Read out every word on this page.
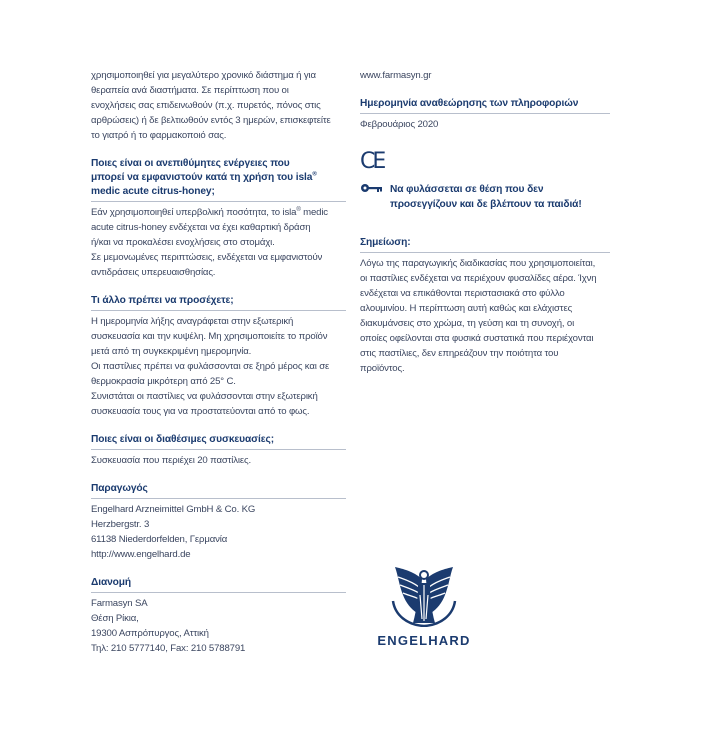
χρησιμοποιηθεί για μεγαλύτερο χρονικό διάστημα ή για

θεραπεία ανά διαστήματα. Σε περίπτωση που οι

ενοχλήσεις σας επιδεινωθούν (π.χ. πυρετός, πόνος στις

αρθρώσεις) ή δε βελτιωθούν εντός 3 ημερών, επισκεφτείτε

το γιατρό ή το φαρμακοποιό σας.

Ποιες είναι οι ανεπιθύμητες ενέργειες που
μπορεί να εμφανιστούν κατά τη χρήση του isla®
medic acute citrus-honey;

Εάν χρησιμοποιηθεί υπερβολική ποσότητα, το isla® medic

acute citrus-honey ενδέχεται να έχει καθαρτική δράση

ή/και να προκαλέσει ενοχλήσεις στο στομάχι.

Σε μεμονωμένες περιπτώσεις, ενδέχεται να εμφανιστούν

αντιδράσεις υπερευαισθησίας.

Τι άλλο πρέπει να προσέχετε;

Η ημερομηνία λήξης αναγράφεται στην εξωτερική

συσκευασία και την κυψέλη. Μη χρησιμοποιείτε το προϊόν

μετά από τη συγκεκριμένη ημερομηνία.

Οι παστίλιες πρέπει να φυλάσσονται σε ξηρό μέρος και σε

θερμοκρασία μικρότερη από 25° C.

Συνιστάται οι παστίλιες να φυλάσσονται στην εξωτερική

συσκευασία τους για να προστατεύονται από το φως.

Ποιες είναι οι διαθέσιμες συσκευασίες;

Συσκευασία που περιέχει 20 παστίλιες.

Παραγωγός

Engelhard Arzneimittel GmbH & Co. KG

Herzbergstr. 3

61138 Niederdorfelden, Γερμανία

http://www.engelhard.de

Διανομή

Farmasyn SA

Θέση Ρίκια,

19300 Ασπρόπυργος, Αττική

Τηλ: 210 5777140, Fax: 210 5788791

www.farmasyn.gr

Ημερομηνία αναθεώρησης των πληροφοριών

Φεβρουάριος 2020

CE
Να φυλάσσεται σε θέση που δεν
προσεγγίζουν και δε βλέπουν τα παιδιά!
Σημείωση:

Λόγω της παραγωγικής διαδικασίας που χρησιμοποιείται,

οι παστίλιες ενδέχεται να περιέχουν φυσαλίδες αέρα. Ίχνη

ενδέχεται να επικάθονται περιστασιακά στο φύλλο

αλουμινίου. Η περίπτωση αυτή καθώς και ελάχιστες

διακυμάνσεις στο χρώμα, τη γεύση και τη συνοχή, οι

οποίες οφείλονται στα φυσικά συστατικά που περιέχονται

στις παστίλιες, δεν επηρεάζουν την ποιότητα του

προϊόντος.

ENGELHARD
